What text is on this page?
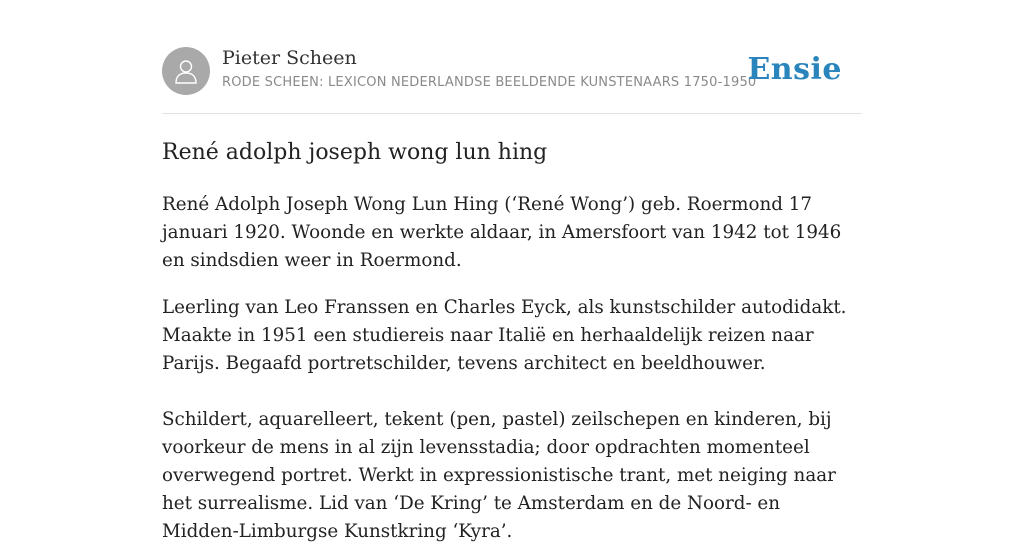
Pieter Scheen
RODE SCHEEN: LEXICON NEDERLANDSE BEELDENDE KUNSTENAARS 1750-1950
Ensie
René adolph joseph wong lun hing

René Adolph Joseph Wong Lun Hing (‘René Wong’) geb. Roermond 17 januari 1920. Woonde en werkte aldaar, in Amersfoort van 1942 tot 1946 en sindsdien weer in Roermond.

Leerling van Leo Franssen en Charles Eyck, als kunstschilder autodidakt. Maakte in 1951 een studiereis naar Italië en herhaaldelijk reizen naar Parijs. Begaafd portretschilder, tevens architect en beeldhouwer.

Schildert, aquarelleert, tekent (pen, pastel) zeilschepen en kinderen, bij voorkeur de mens in al zijn levensstadia; door opdrachten momenteel overwegend portret. Werkt in expressionistische trant, met neiging naar het surrealisme. Lid van ‘De Kring’ te Amsterdam en de Noord- en Midden-Limburgse Kunstkring ‘Kyra’.
